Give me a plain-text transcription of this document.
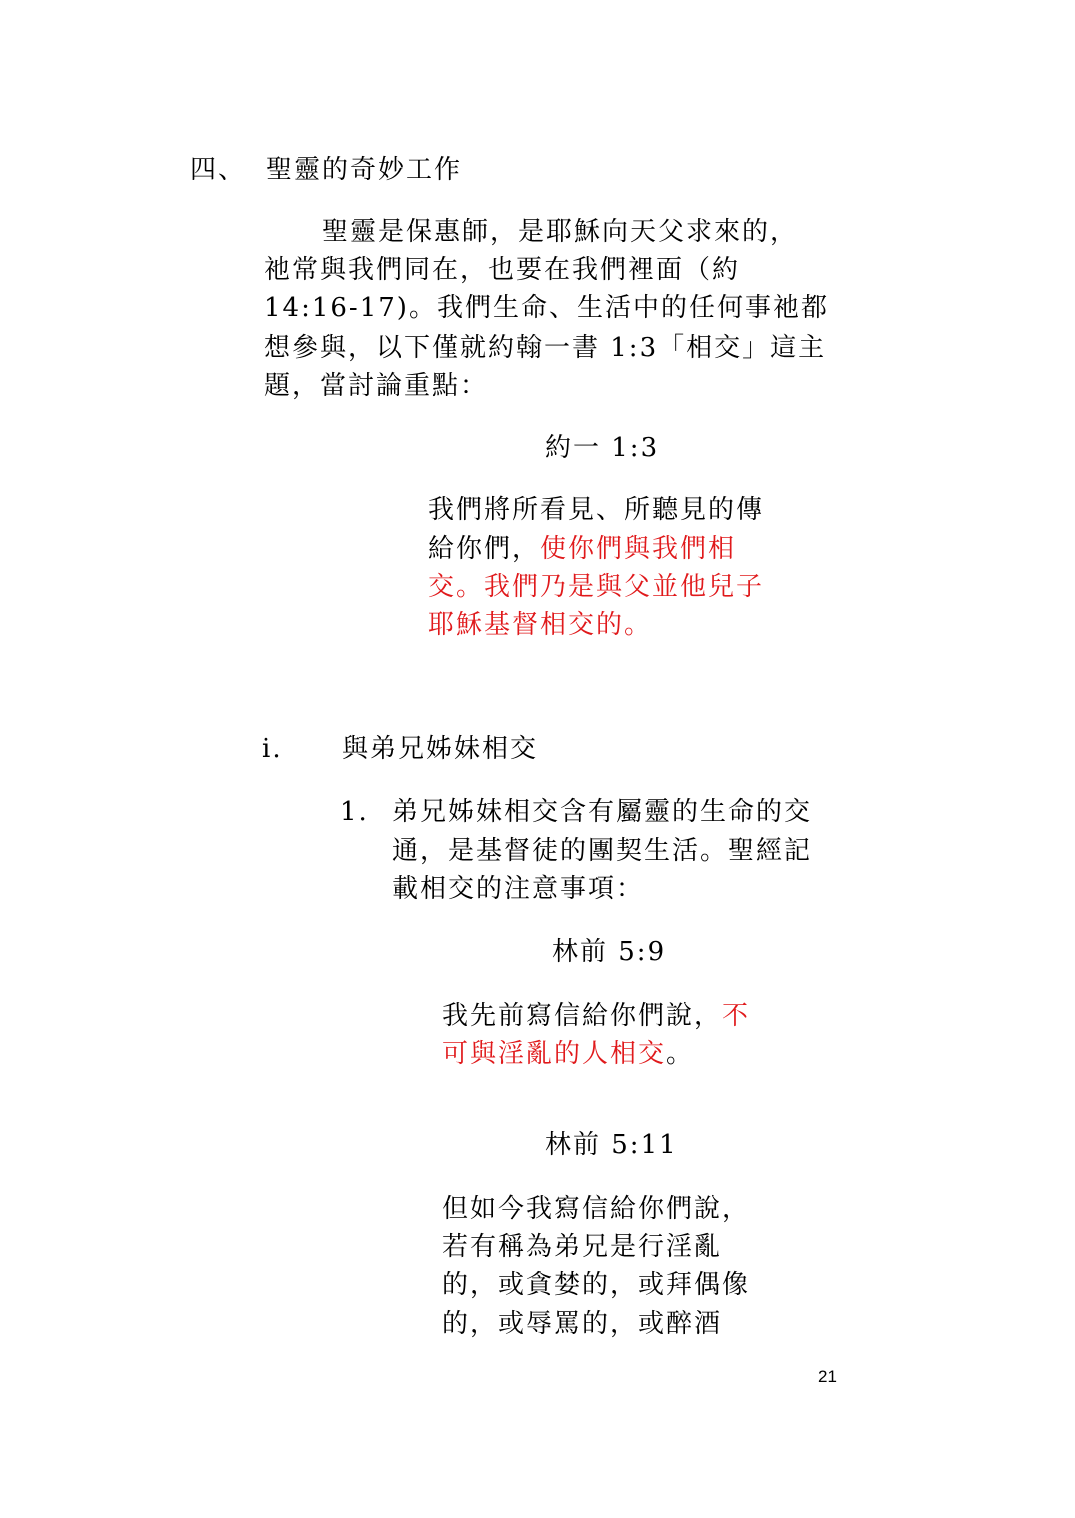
四、 聖靈的奇妙工作
聖靈是保惠師，是耶穌向天父求來的，
祂常與我們同在，也要在我們裡面（約
14:16-17)。我們生命、生活中的任何事祂都
想參與，以下僅就約翰一書 1:3「相交」這主
題，當討論重點：
約一 1:3
我們將所看見、所聽見的傳
給你們，使你們與我們相
交。我們乃是與父並他兒子
耶穌基督相交的。
i. 與弟兄姊妹相交
1. 弟兄姊妹相交含有屬靈的生命的交
通，是基督徒的團契生活。聖經記
載相交的注意事項：
林前 5:9
我先前寫信給你們說，不
可與淫亂的人相交。
林前 5:11
但如今我寫信給你們說，
若有稱為弟兄是行淫亂
的，或貪婪的，或拜偶像
的，或辱罵的，或醉酒
21
